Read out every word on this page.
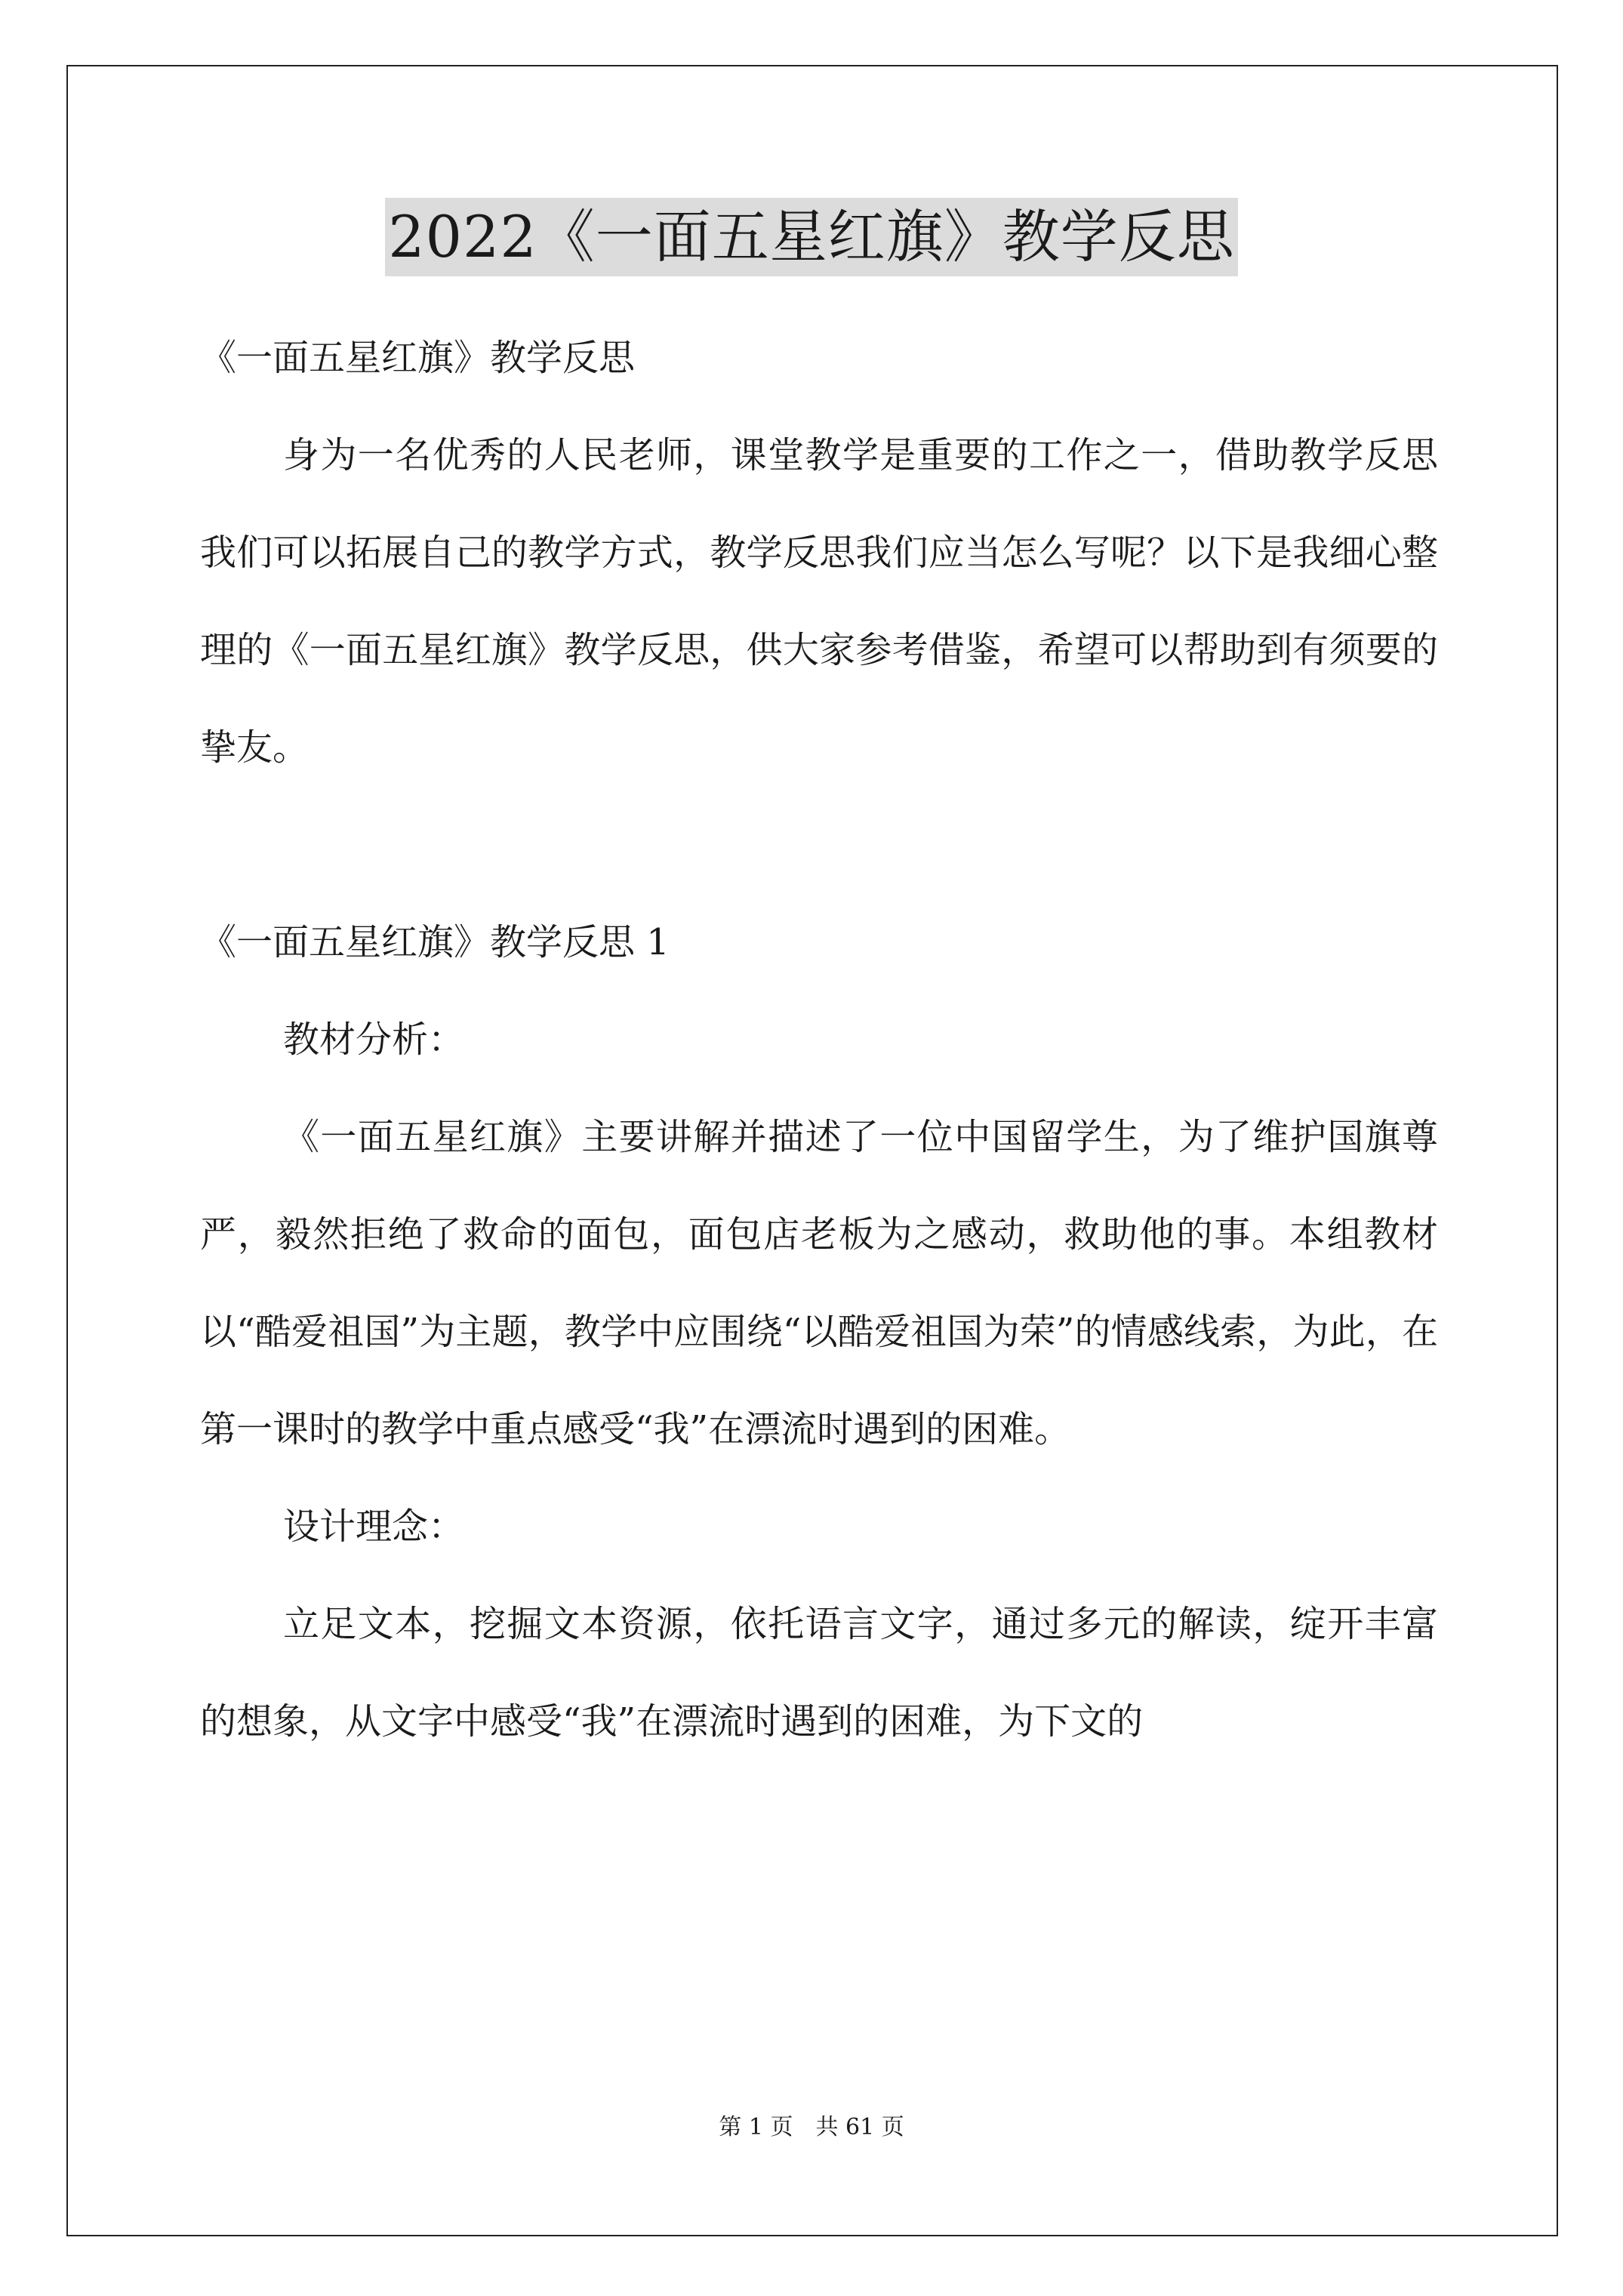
2022《一面五星红旗》教学反思

《一面五星红旗》教学反思

身为一名优秀的人民老师，课堂教学是重要的工作之一，借助教学反思我们可以拓展自己的教学方式，教学反思我们应当怎么写呢？以下是我细心整理的《一面五星红旗》教学反思，供大家参考借鉴，希望可以帮助到有须要的挚友。

《一面五星红旗》教学反思 1

教材分析：

《一面五星红旗》主要讲解并描述了一位中国留学生，为了维护国旗尊严，毅然拒绝了救命的面包，面包店老板为之感动，救助他的事。本组教材以“酷爱祖国”为主题，教学中应围绕“以酷爱祖国为荣”的情感线索，为此，在第一课时的教学中重点感受“我”在漂流时遇到的困难。

设计理念：

立足文本，挖掘文本资源，依托语言文字，通过多元的解读，绽开丰富的想象，从文字中感受“我”在漂流时遇到的困难，为下文的

第 1 页　共 61 页
